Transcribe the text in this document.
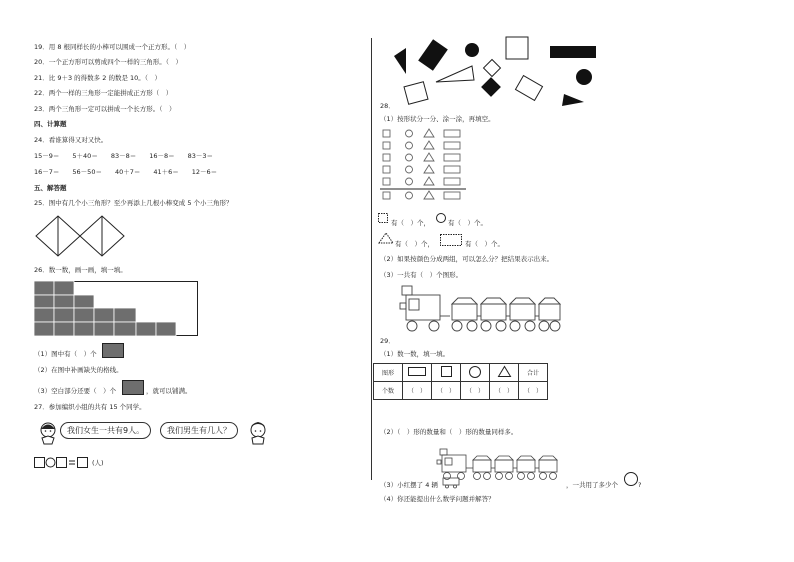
19．用 8 根同样长的小棒可以围成一个正方形。（　）
20．一个正方形可以剪成四个一样的三角形。（　）
21．比 9＋3 的得数多 2 的数是 10。（　）
22．两个一样的三角形一定能拼成正方形（　）
23．两个三角形一定可以拼成一个长方形。（　）
四、计算题
24．看谁算得又对又快。
15－9＝　　5＋40＝　　83－8＝　　16－8＝　　83－3＝
16－7＝　　56－50＝　　40＋7＝　　41＋6＝　　12－6＝
五、解答题
25．图中有几个小三角形？至少再添上几根小棒变成 5 个小三角形？
26．数一数，画一画，填一填。
（1）图中有（　）个
（2）在图中补画缺失的格线。
（3）空白部分还要（　）个	，就可以铺满。
27．参加编织小组的共有 15 个同学。
我们女生一共有9人。	我们男生有几人？
(人)
28．
（1）按形状分一分、涂一涂，再填空。
有（　）个，	有（　）个。
有（　）个，	有（　）个。
（2）如果按颜色分成两组，可以怎么分？把结果表示出来。
（3）一共有（　）个图形。
29．
（1）数一数，填一填。
图形					合计
个数	（　）	（　）	（　）	（　）	（　）
（2）（　）形的数量和（　）形的数量同样多。
（3）小红摆了 4 辆	，一共用了多少个	?
（4）你还能提出什么数学问题并解答？
